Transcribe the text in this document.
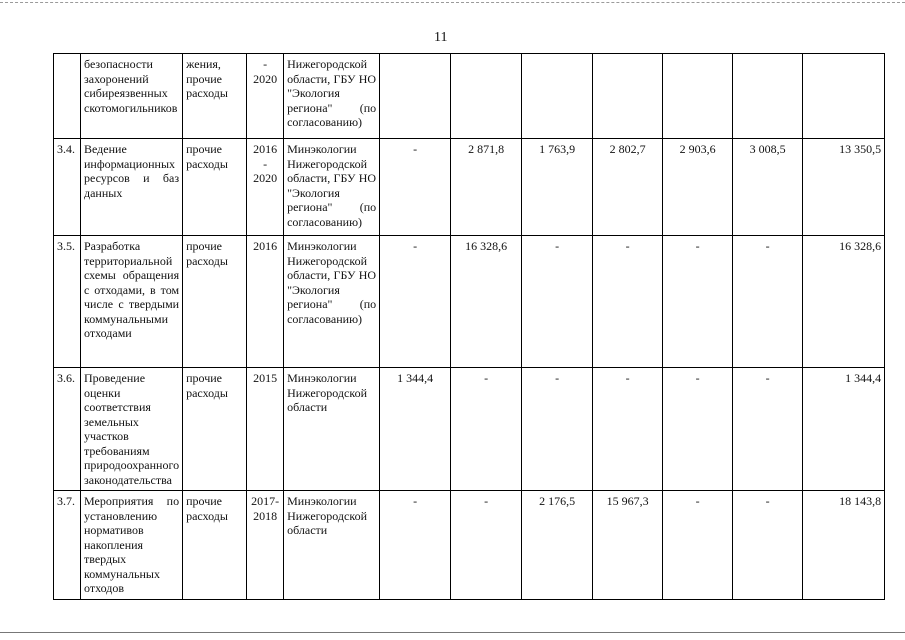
11
	безопасности захоронений сибиреязвенных скотомогильников	жения, прочие расходы	- 2020	Нижегородской области, ГБУ НО "Экология региона" (по согласованию)							
3.4.	Ведение информационных ресурсов и баз данных	прочие расходы	2016 - 2020	Минэкологии Нижегородской области, ГБУ НО "Экология региона" (по согласованию)	-	2 871,8	1 763,9	2 802,7	2 903,6	3 008,5	13 350,5
3.5.	Разработка территориальной схемы обращения с отходами, в том числе с твердыми коммунальными отходами	прочие расходы	2016	Минэкологии Нижегородской области, ГБУ НО "Экология региона" (по согласованию)	-	16 328,6	-	-	-	-	16 328,6
3.6.	Проведение оценки соответствия земельных участков требованиям природоохранного законодательства	прочие расходы	2015	Минэкологии Нижегородской области	1 344,4	-	-	-	-	-	1 344,4
3.7.	Мероприятия по установлению нормативов накопления твердых коммунальных отходов	прочие расходы	2017- 2018	Минэкологии Нижегородской области	-	-	2 176,5	15 967,3	-	-	18 143,8
